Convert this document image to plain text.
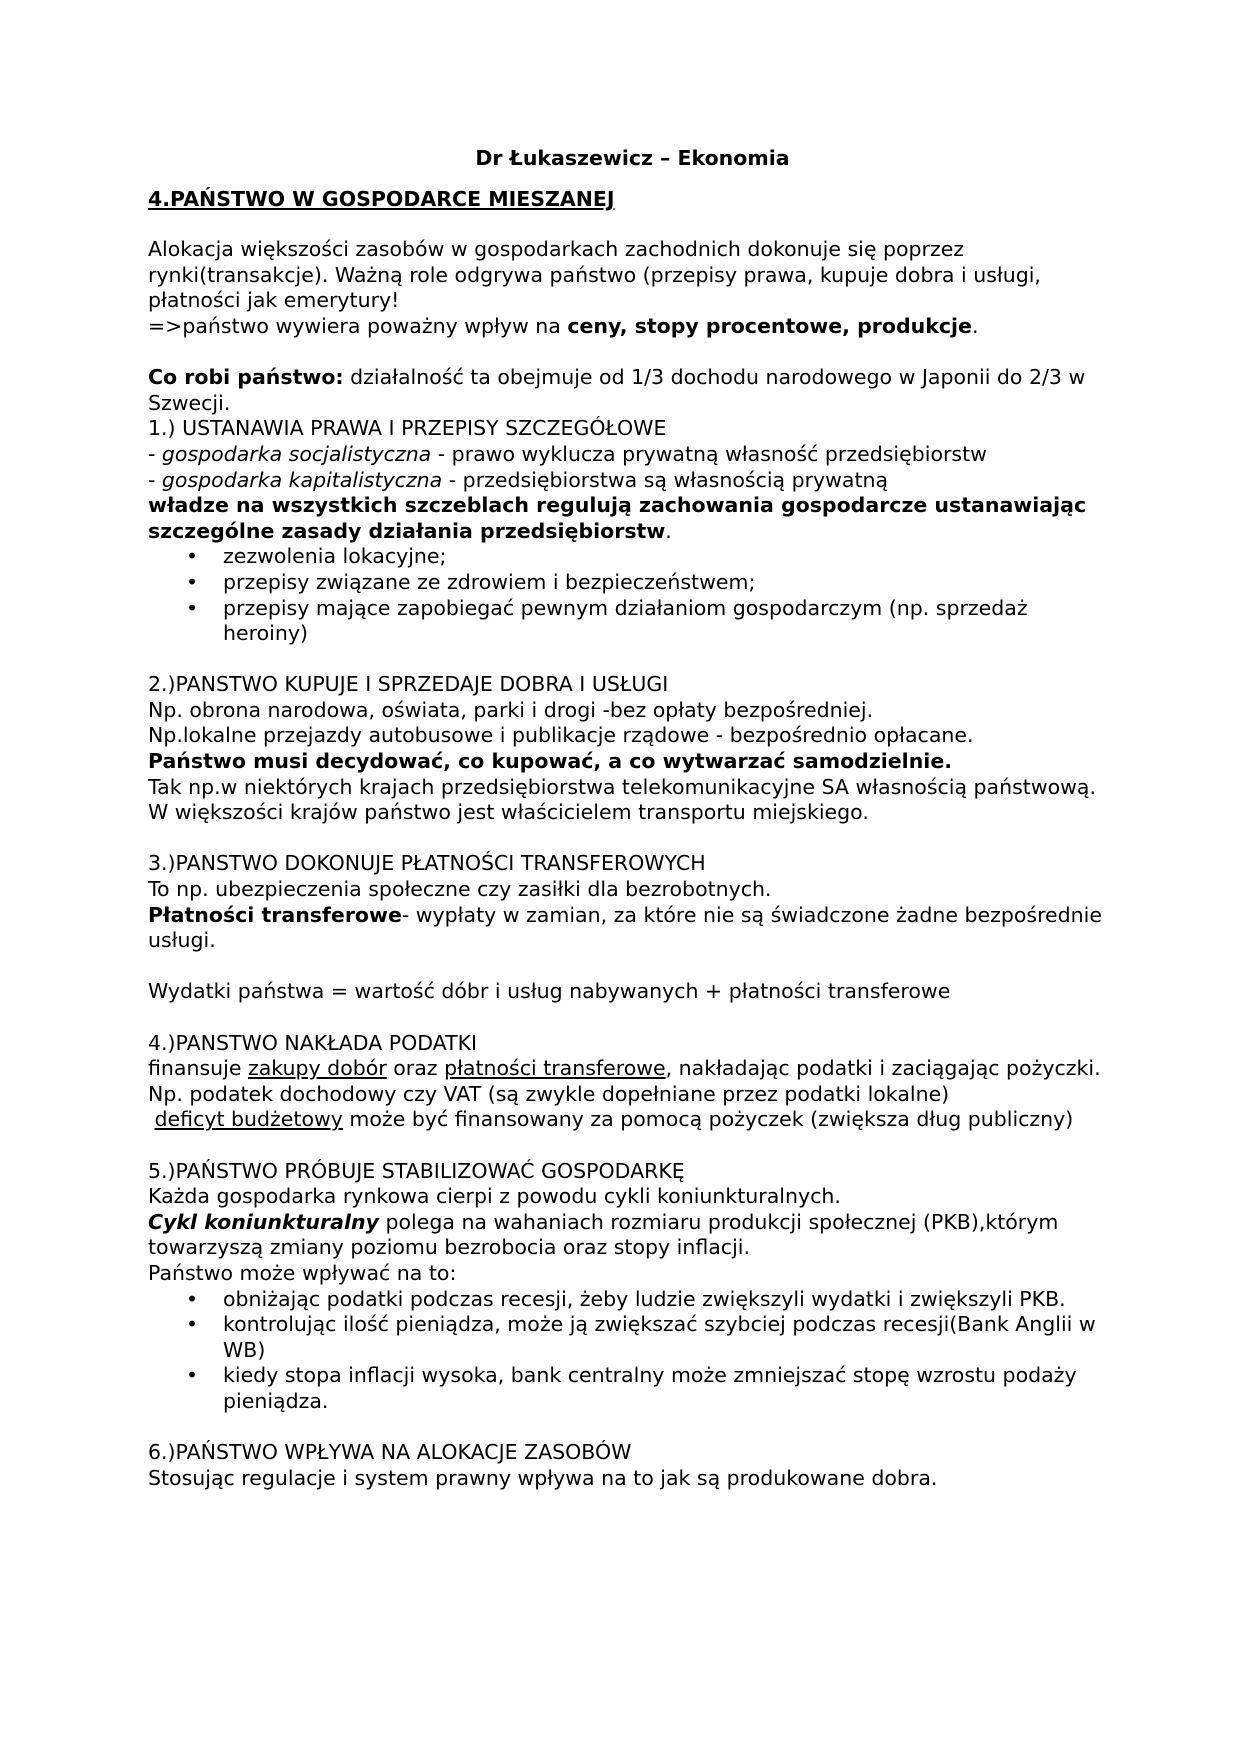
Dr Łukaszewicz – Ekonomia

4.PAŃSTWO W GOSPODARCE MIESZANEJ

Alokacja większości zasobów w gospodarkach zachodnich dokonuje się poprzez rynki(transakcje). Ważną role odgrywa państwo (przepisy prawa, kupuje dobra i usługi, płatności jak emerytury!

=>państwo wywiera poważny wpływ na ceny, stopy procentowe, produkcje.

Co robi państwo: działalność ta obejmuje od 1/3 dochodu narodowego w Japonii do 2/3 w Szwecji.

1.) USTANAWIA PRAWA I PRZEPISY SZCZEGÓŁOWE

- gospodarka socjalistyczna - prawo wyklucza prywatną własność przedsiębiorstw

- gospodarka kapitalistyczna - przedsiębiorstwa są własnością prywatną

władze na wszystkich szczeblach regulują zachowania gospodarcze ustanawiając szczególne zasady działania przedsiębiorstw.

• zezwolenia lokacyjne;
• przepisy związane ze zdrowiem i bezpieczeństwem;
• przepisy mające zapobiegać pewnym działaniom gospodarczym (np. sprzedaż heroiny)

2.)PANSTWO KUPUJE I SPRZEDAJE DOBRA I USŁUGI

Np. obrona narodowa, oświata, parki i drogi -bez opłaty bezpośredniej.

Np.lokalne przejazdy autobusowe i publikacje rządowe - bezpośrednio opłacane.

Państwo musi decydować, co kupować, a co wytwarzać samodzielnie.

Tak np.w niektórych krajach przedsiębiorstwa telekomunikacyjne SA własnością państwową. W większości krajów państwo jest właścicielem transportu miejskiego.

3.)PANSTWO DOKONUJE PŁATNOŚCI TRANSFEROWYCH

To np. ubezpieczenia społeczne czy zasiłki dla bezrobotnych.

Płatności transferowe- wypłaty w zamian, za które nie są świadczone żadne bezpośrednie usługi.

Wydatki państwa = wartość dóbr i usług nabywanych + płatności transferowe

4.)PANSTWO NAKŁADA PODATKI

finansuje zakupy dobór oraz płatności transferowe, nakładając podatki i zaciągając pożyczki.

Np. podatek dochodowy czy VAT (są zwykle dopełniane przez podatki lokalne)

deficyt budżetowy może być finansowany za pomocą pożyczek (zwiększa dług publiczny)

5.)PAŃSTWO PRÓBUJE STABILIZOWAĆ GOSPODARKĘ

Każda gospodarka rynkowa cierpi z powodu cykli koniunkturalnych.

Cykl koniunkturalny polega na wahaniach rozmiaru produkcji społecznej (PKB),którym towarzyszą zmiany poziomu bezrobocia oraz stopy inflacji.

Państwo może wpływać na to:

• obniżając podatki podczas recesji, żeby ludzie zwiększyli wydatki i zwiększyli PKB.
• kontrolując ilość pieniądza, może ją zwiększać szybciej podczas recesji(Bank Anglii w WB)
• kiedy stopa inflacji wysoka, bank centralny może zmniejszać stopę wzrostu podaży pieniądza.

6.)PAŃSTWO WPŁYWA NA ALOKACJE ZASOBÓW

Stosując regulacje i system prawny wpływa na to jak są produkowane dobra.
